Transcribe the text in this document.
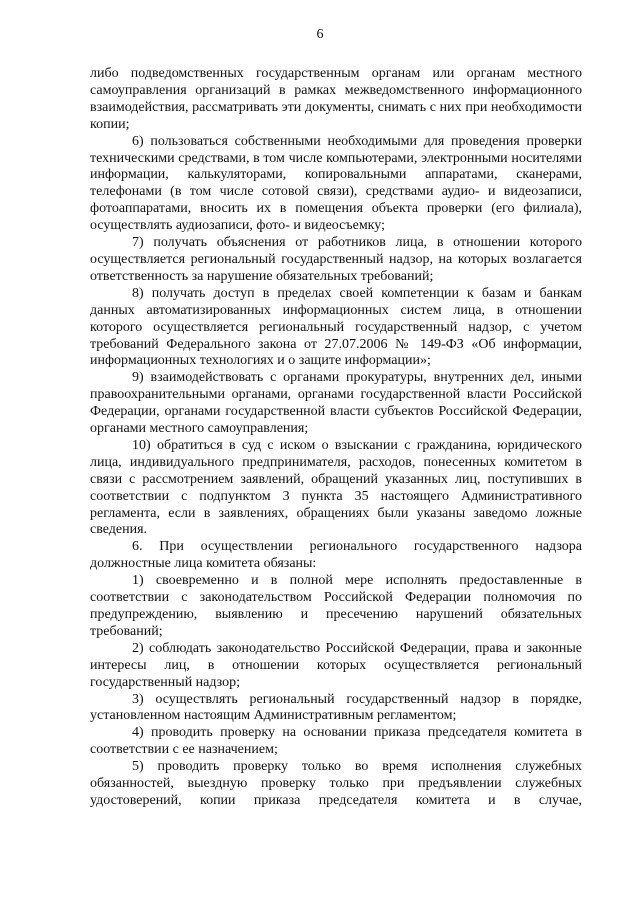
6

либо подведомственных государственным органам или органам местного самоуправления организаций в рамках межведомственного информационного взаимодействия, рассматривать эти документы, снимать с них при необходимости копии;

6) пользоваться собственными необходимыми для проведения проверки техническими средствами, в том числе компьютерами, электронными носителями информации, калькуляторами, копировальными аппаратами, сканерами, телефонами (в том числе сотовой связи), средствами аудио- и видеозаписи, фотоаппаратами, вносить их в помещения объекта проверки (его филиала), осуществлять аудиозаписи, фото- и видеосъемку;

7) получать объяснения от работников лица, в отношении которого осуществляется региональный государственный надзор, на которых возлагается ответственность за нарушение обязательных требований;

8) получать доступ в пределах своей компетенции к базам и банкам данных автоматизированных информационных систем лица, в отношении которого осуществляется региональный государственный надзор, с учетом требований Федерального закона от 27.07.2006 № 149-ФЗ «Об информации, информационных технологиях и о защите информации»;

9) взаимодействовать с органами прокуратуры, внутренних дел, иными правоохранительными органами, органами государственной власти Российской Федерации, органами государственной власти субъектов Российской Федерации, органами местного самоуправления;

10) обратиться в суд с иском о взыскании с гражданина, юридического лица, индивидуального предпринимателя, расходов, понесенных комитетом в связи с рассмотрением заявлений, обращений указанных лиц, поступивших в соответствии с подпунктом 3 пункта 35 настоящего Административного регламента, если в заявлениях, обращениях были указаны заведомо ложные сведения.

6. При осуществлении регионального государственного надзора должностные лица комитета обязаны:

1) своевременно и в полной мере исполнять предоставленные в соответствии с законодательством Российской Федерации полномочия по предупреждению, выявлению и пресечению нарушений обязательных требований;

2) соблюдать законодательство Российской Федерации, права и законные интересы лиц, в отношении которых осуществляется региональный государственный надзор;

3) осуществлять региональный государственный надзор в порядке, установленном настоящим Административным регламентом;

4) проводить проверку на основании приказа председателя комитета в соответствии с ее назначением;

5) проводить проверку только во время исполнения служебных обязанностей, выездную проверку только при предъявлении служебных удостоверений, копии приказа председателя комитета и в случае,
